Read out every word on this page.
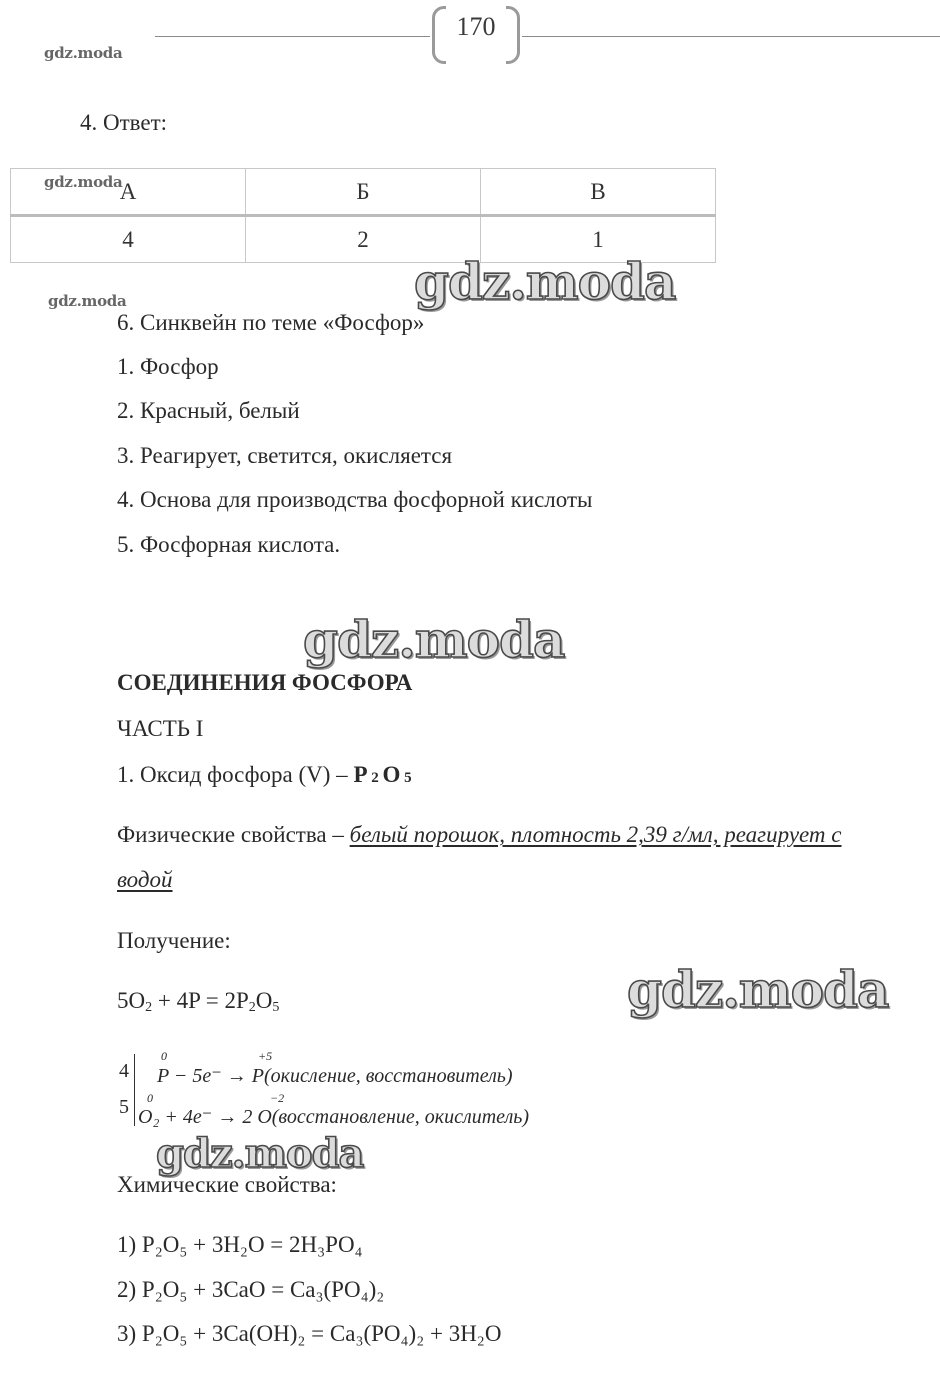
170
gdz.moda
4. Ответ:
А	Б	В
4	2	1
gdz.moda
gdz.moda
gdz.moda
6. Синквейн по теме «Фосфор»
1. Фосфор
2. Красный, белый
3. Реагирует, светится, окисляется
4. Основа для производства фосфорной кислоты
5. Фосфорная кислота.
gdz.moda
СОЕДИНЕНИЯ ФОСФОРА
ЧАСТЬ I
1. Оксид фосфора (V) – P 2 O 5
Физические свойства – белый порошок, плотность 2,39 г/мл, реагирует с
водой
Получение:
$5O_2 + 4P = 2P_2O_5$	gdz.moda
4
5
0	+5
P − 5e⁻ → P(окисление, восстановитель)
0	−2
O₂ + 4e⁻ → 2 O(восстановление, окислитель)
gdz.moda
Химические свойства:
1) P₂O₅ + 3H₂O = 2H₃PO₄
2) P₂O₅ + 3CaO = Ca₃(PO₄)₂
3) P₂O₅ + 3Ca(OH)₂ = Ca₃(PO₄)₂ + 3H₂O
